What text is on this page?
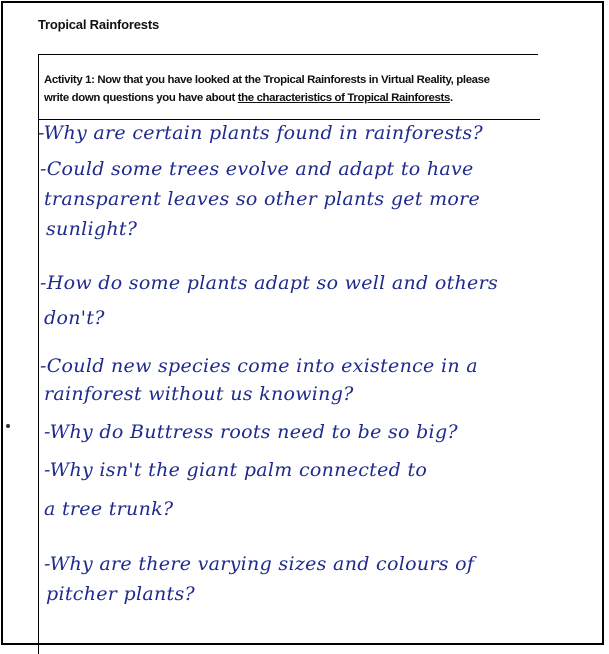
Tropical Rainforests
Activity 1: Now that you have looked at the Tropical Rainforests in Virtual Reality, please
write down questions you have about the characteristics of Tropical Rainforests.
-Why are certain plants found in rainforests?
-Could some trees evolve and adapt to have
transparent leaves so other plants get more
sunlight?
-How do some plants adapt so well and others
don't?
-Could new species come into existence in a
rainforest without us knowing?
-Why do Buttress roots need to be so big?
-Why isn't the giant palm connected to
a tree trunk?
-Why are there varying sizes and colours of
pitcher plants?
